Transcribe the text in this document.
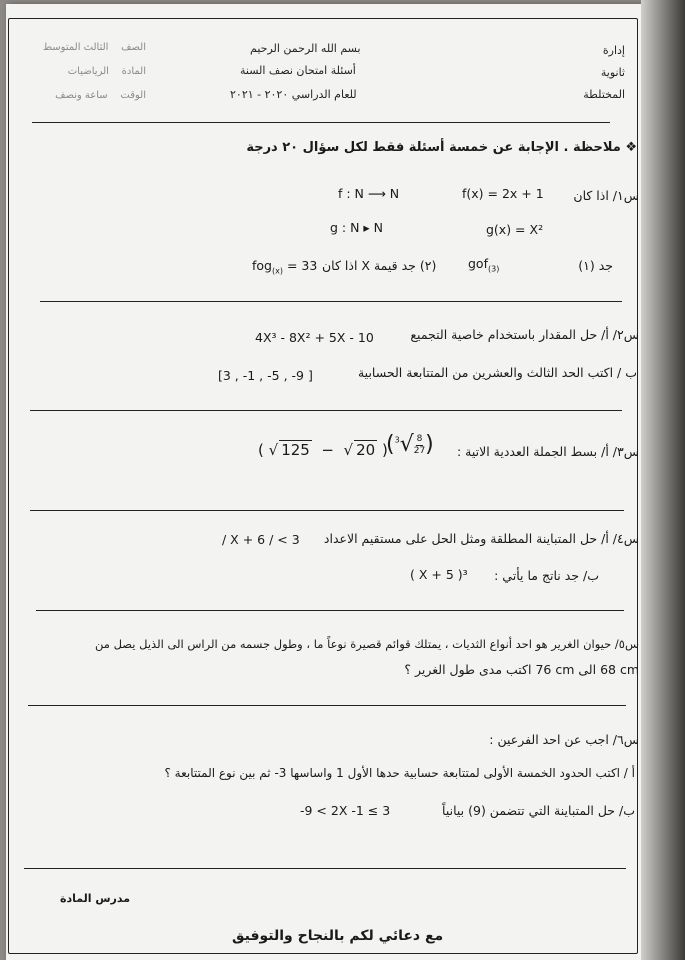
إدارة
ثانوية
المختلطة
بسم الله الرحمن الرحيم
أسئلة امتحان نصف السنة
للعام الدراسي ٢٠٢٠ - ٢٠٢١
الصف    الثالث المتوسط
المادة    الرياضيات
الوقت    ساعة ونصف
❖ ملاحظة . الإجابة عن خمسة أسئلة فقط لكل سؤال ٢٠ درجة
س١/ اذا كان
f(x) = 2x + 1
f : N ⟶ N
g(x) = X²
g : N ▸ N
جد (١)
gof$_{(3)}$
(٢) جد قيمة X اذا كان
fog$_{(x)}$ = 33
س٢/ أ/ حل المقدار باستخدام خاصية التجميع
4X³ - 8X² + 5X - 10
ب / اكتب الحد الثالث والعشرين من المتتابعة الحسابية
[3 , -1 , -5 , -9 ]
س٣/ أ/ بسط الجملة العددية الاتية :
( √ 125 −  √ 20 )
($^3√ \frac{8}{27}$ )
س٤/ أ/ حل المتباينة المطلقة ومثل الحل على مستقيم الاعداد
/ X + 6 / < 3
ب/ جد ناتج ما يأتي :
( X + 5 )³
س٥/ حيوان الغرير هو احد أنواع الثديات ، يمتلك قوائم قصيرة نوعاً ما ، وطول جسمه من الراس الى الذيل يصل من
68 cm الى 76 cm اكتب مدى طول الغرير ؟
س٦/ اجب عن احد الفرعين :
أ / اكتب الحدود الخمسة الأولى لمتتابعة حسابية حدها الأول 1 واساسها 3- ثم بين نوع المتتابعة ؟
ب/ حل المتباينة التي تتضمن (9) بيانياً
-9 < 2X -1 ≤ 3
مدرس المادة
مع دعائي لكم بالنجاح والتوفيق
